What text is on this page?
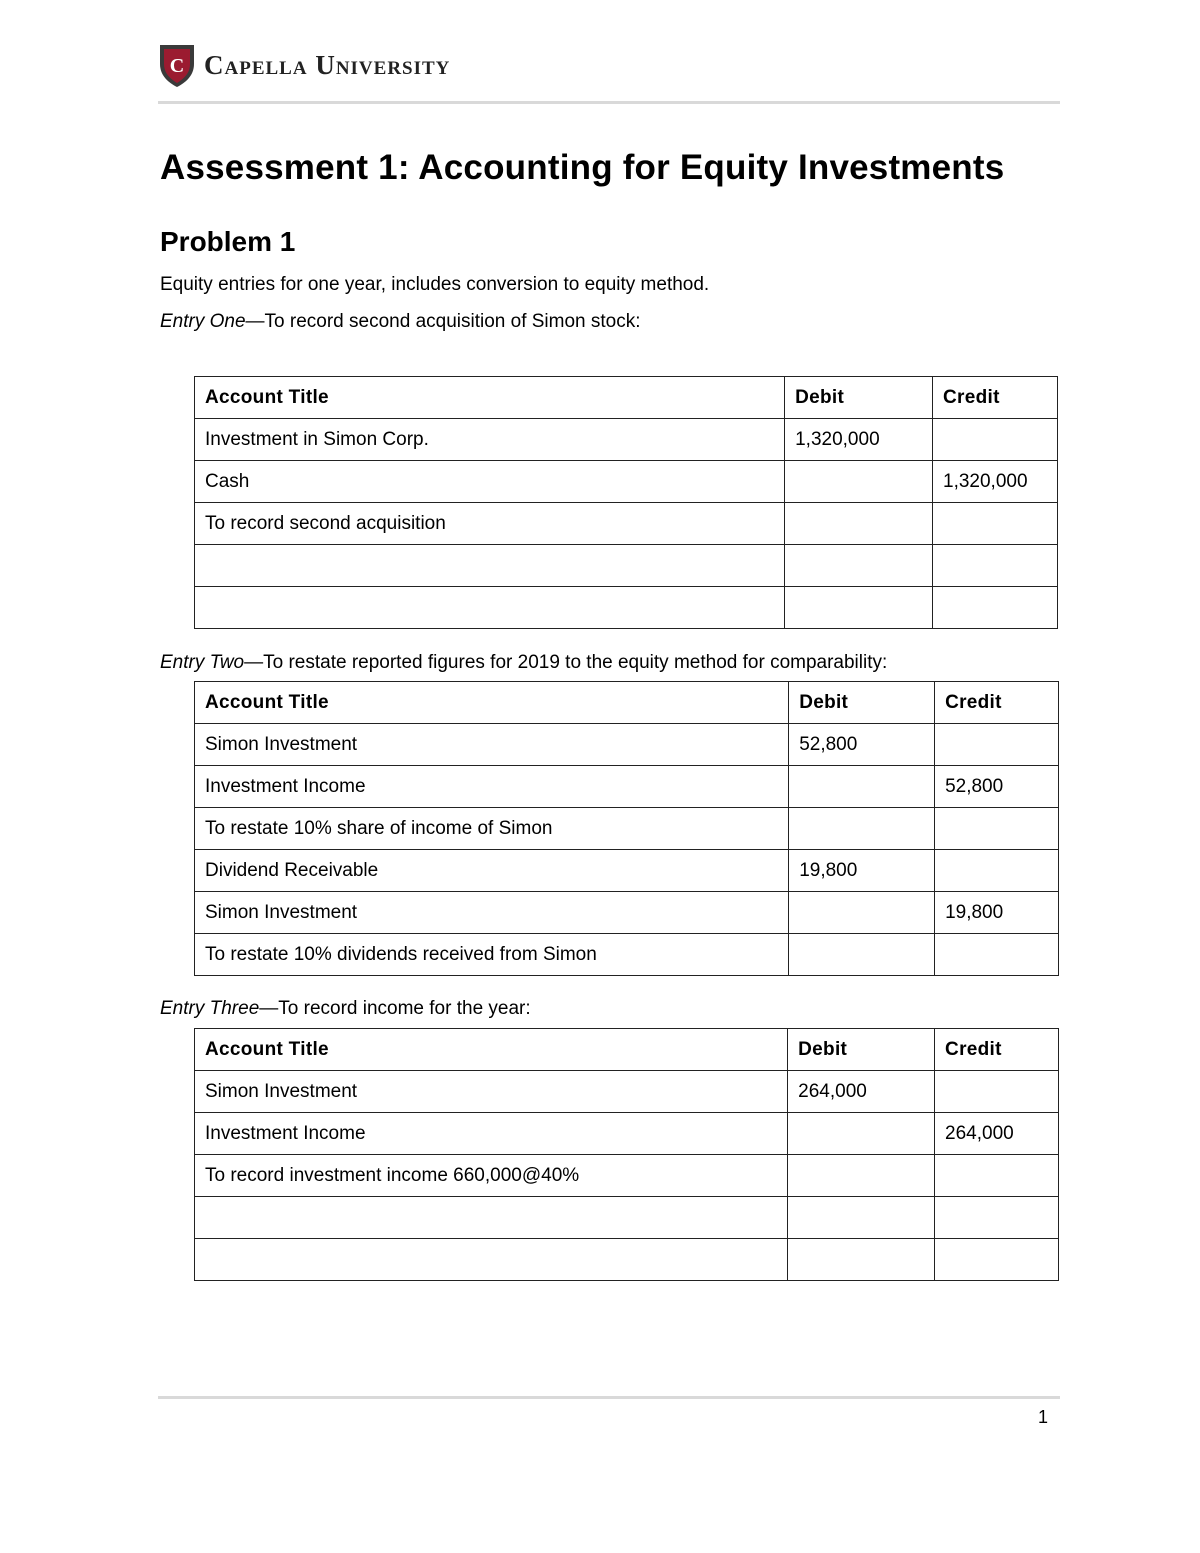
C Capella University
Assessment 1: Accounting for Equity Investments
Problem 1

Equity entries for one year, includes conversion to equity method.

Entry One—To record second acquisition of Simon stock:

Account Title	Debit	Credit
Investment in Simon Corp.	1,320,000	
Cash		1,320,000
To record second acquisition		

Entry Two—To restate reported figures for 2019 to the equity method for comparability:

Account Title	Debit	Credit
Simon Investment	52,800	
Investment Income		52,800
To restate 10% share of income of Simon		
Dividend Receivable	19,800	
Simon Investment		19,800
To restate 10% dividends received from Simon		

Entry Three—To record income for the year:

Account Title	Debit	Credit
Simon Investment	264,000	
Investment Income		264,000
To record investment income 660,000@40%		

1
